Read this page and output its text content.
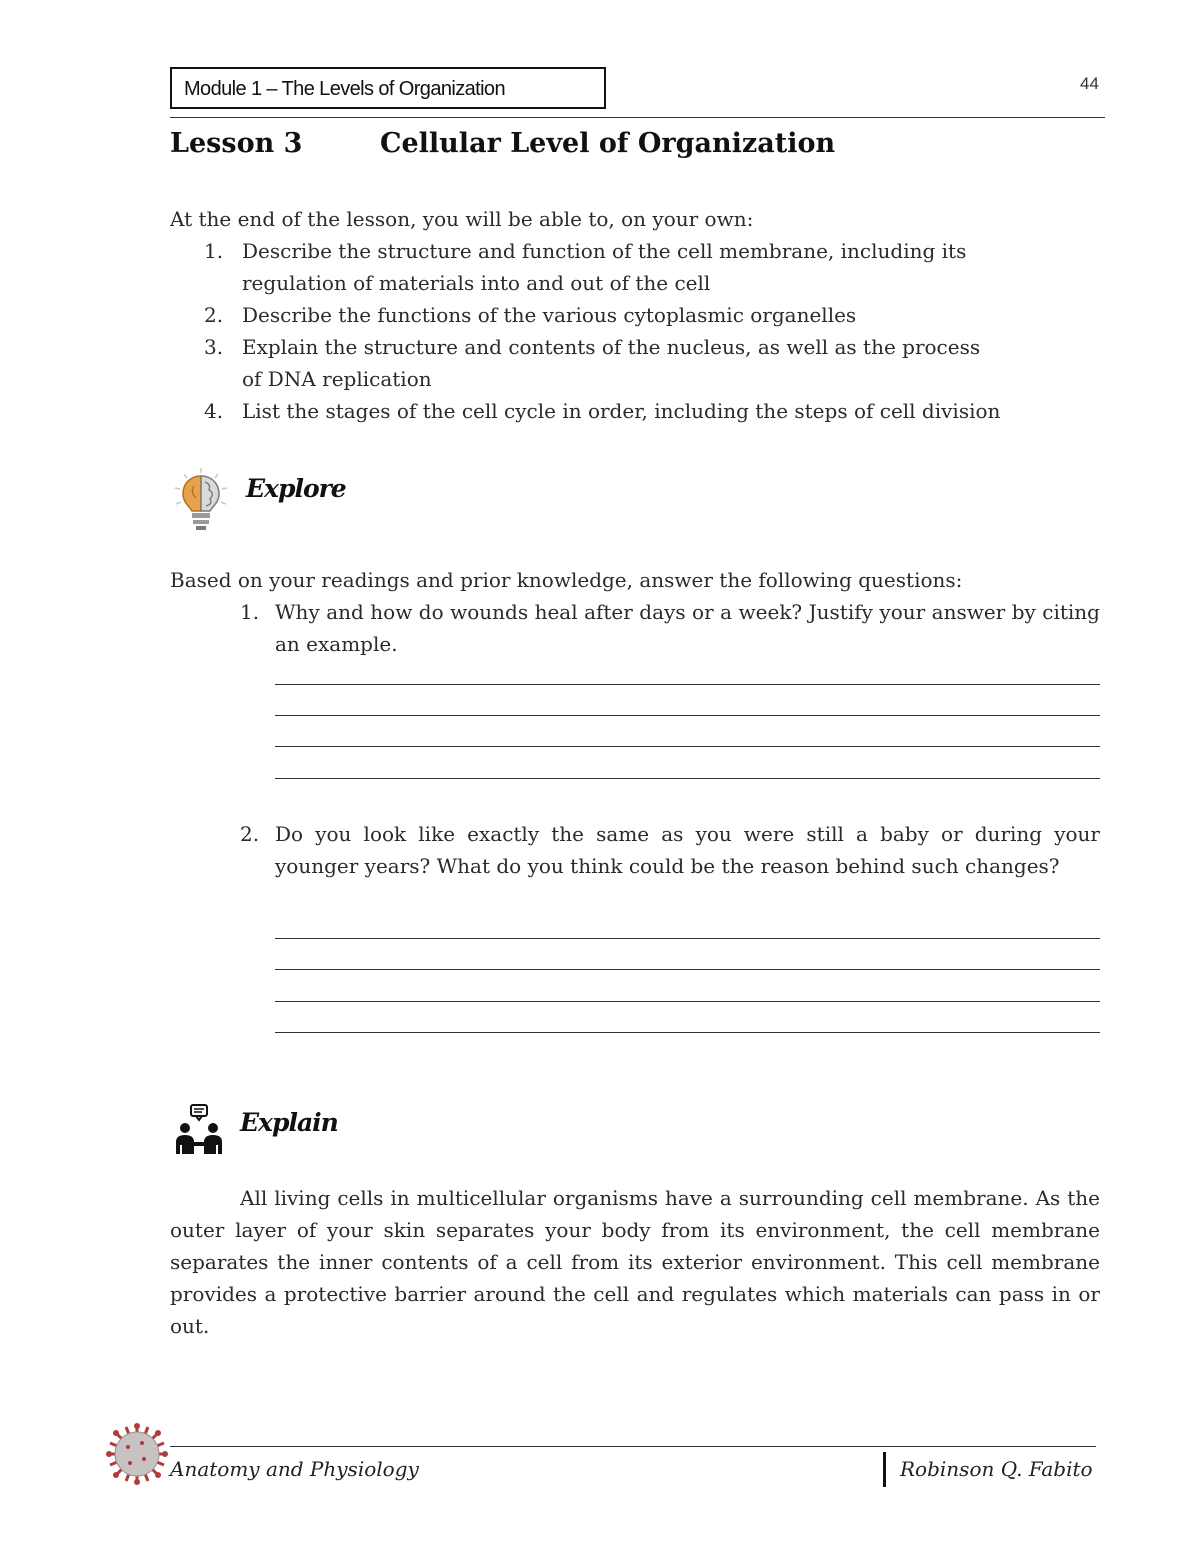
Module 1 – The Levels of Organization	44
Lesson 3	Cellular Level of Organization
At the end of the lesson, you will be able to, on your own:
1. Describe the structure and function of the cell membrane, including its
regulation of materials into and out of the cell
2. Describe the functions of the various cytoplasmic organelles
3. Explain the structure and contents of the nucleus, as well as the process
of DNA replication
4. List the stages of the cell cycle in order, including the steps of cell division
Explore
Based on your readings and prior knowledge, answer the following questions:
1. Why and how do wounds heal after days or a week? Justify your answer by citing an example.
2. Do you look like exactly the same as you were still a baby or during your younger years? What do you think could be the reason behind such changes?
Explain
All living cells in multicellular organisms have a surrounding cell membrane. As the outer layer of your skin separates your body from its environment, the cell membrane separates the inner contents of a cell from its exterior environment. This cell membrane provides a protective barrier around the cell and regulates which materials can pass in or out.
Anatomy and Physiology	Robinson Q. Fabito
